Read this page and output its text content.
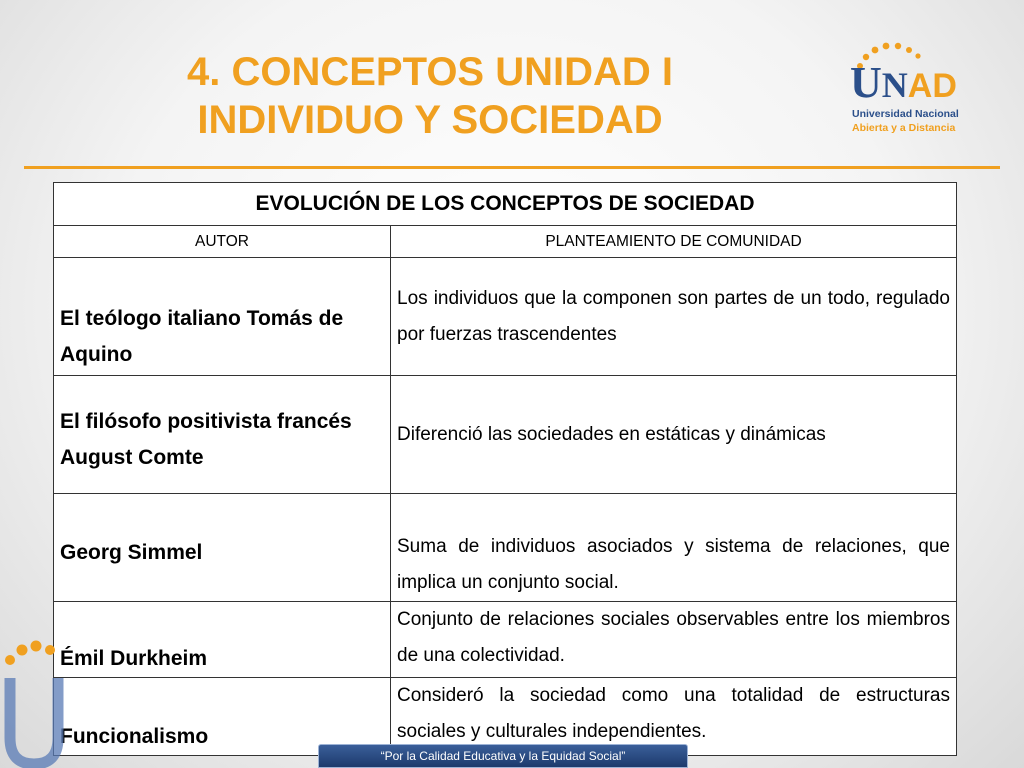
4. CONCEPTOS UNIDAD I
INDIVIDUO Y SOCIEDAD
UNAD
Universidad Nacional
Abierta y a Distancia
EVOLUCIÓN DE LOS CONCEPTOS DE SOCIEDAD	
AUTOR	PLANTEAMIENTO DE COMUNIDAD
El teólogo italiano Tomás de Aquino	Los individuos que la componen son partes de un todo, regulado por fuerzas trascendentes
El filósofo positivista francés August Comte	Diferenció las sociedades en estáticas y dinámicas
Georg Simmel	Suma de individuos asociados y sistema de relaciones, que implica un conjunto social.
Émil Durkheim	Conjunto de relaciones sociales observables entre los miembros de una colectividad.
Funcionalismo	Consideró la sociedad como una totalidad de estructuras sociales y culturales independientes.
“Por la Calidad Educativa y la Equidad Social”
